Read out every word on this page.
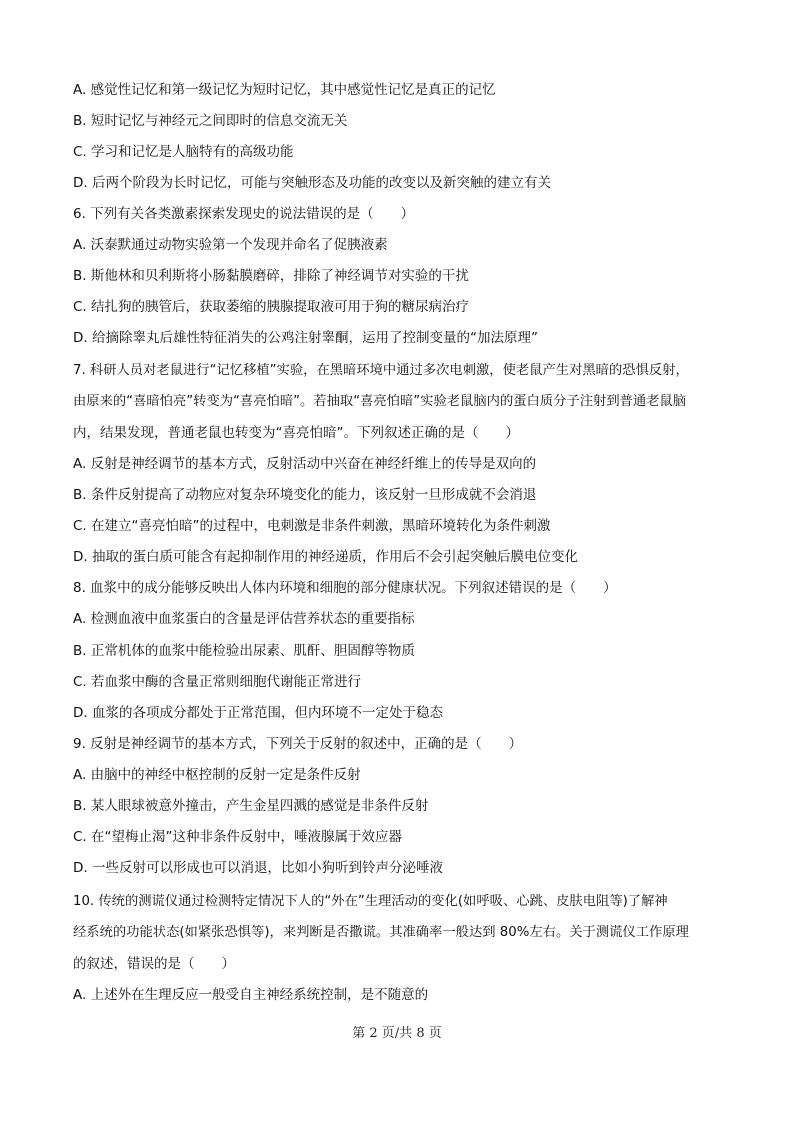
A. 感觉性记忆和第一级记忆为短时记忆，其中感觉性记忆是真正的记忆
B. 短时记忆与神经元之间即时的信息交流无关
C. 学习和记忆是人脑特有的高级功能
D. 后两个阶段为长时记忆，可能与突触形态及功能的改变以及新突触的建立有关
6. 下列有关各类激素探索发现史的说法错误的是（　　）
A. 沃泰默通过动物实验第一个发现并命名了促胰液素
B. 斯他林和贝利斯将小肠黏膜磨碎，排除了神经调节对实验的干扰
C. 结扎狗的胰管后，获取萎缩的胰腺提取液可用于狗的糖尿病治疗
D. 给摘除睾丸后雄性特征消失的公鸡注射睾酮，运用了控制变量的“加法原理”
7. 科研人员对老鼠进行“记忆移植”实验，在黑暗环境中通过多次电刺激，使老鼠产生对黑暗的恐惧反射，
由原来的“喜暗怕亮”转变为“喜亮怕暗”。若抽取“喜亮怕暗”实验老鼠脑内的蛋白质分子注射到普通老鼠脑
内，结果发现，普通老鼠也转变为“喜亮怕暗”。下列叙述正确的是（　　）
A. 反射是神经调节的基本方式，反射活动中兴奋在神经纤维上的传导是双向的
B. 条件反射提高了动物应对复杂环境变化的能力，该反射一旦形成就不会消退
C. 在建立“喜亮怕暗”的过程中，电刺激是非条件刺激，黑暗环境转化为条件刺激
D. 抽取的蛋白质可能含有起抑制作用的神经递质，作用后不会引起突触后膜电位变化
8. 血浆中的成分能够反映出人体内环境和细胞的部分健康状况。下列叙述错误的是（　　）
A. 检测血液中血浆蛋白的含量是评估营养状态的重要指标
B. 正常机体的血浆中能检验出尿素、肌酐、胆固醇等物质
C. 若血浆中酶的含量正常则细胞代谢能正常进行
D. 血浆的各项成分都处于正常范围，但内环境不一定处于稳态
9. 反射是神经调节的基本方式，下列关于反射的叙述中，正确的是（　　）
A. 由脑中的神经中枢控制的反射一定是条件反射
B. 某人眼球被意外撞击，产生金星四溅的感觉是非条件反射
C. 在“望梅止渴”这种非条件反射中，唾液腺属于效应器
D. 一些反射可以形成也可以消退，比如小狗听到铃声分泌唾液
10. 传统的测谎仪通过检测特定情况下人的“外在”生理活动的变化(如呼吸、心跳、皮肤电阻等)了解神
经系统的功能状态(如紧张恐惧等)，来判断是否撒谎。其准确率一般达到 80%左右。关于测谎仪工作原理
的叙述，错误的是（　　）
A. 上述外在生理反应一般受自主神经系统控制，是不随意的
第 2 页/共 8 页
